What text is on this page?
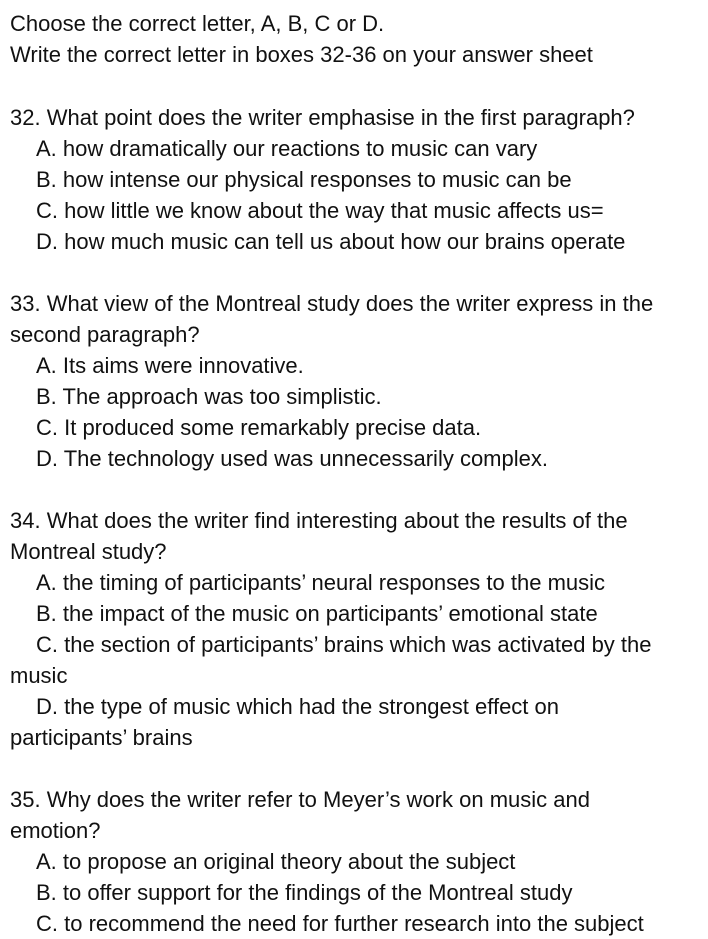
Choose the correct letter, A, B, C or D.
Write the correct letter in boxes 32-36 on your answer sheet
32. What point does the writer emphasise in the first paragraph?
A. how dramatically our reactions to music can vary
B. how intense our physical responses to music can be
C. how little we know about the way that music affects us=
D. how much music can tell us about how our brains operate
33. What view of the Montreal study does the writer express in the
second paragraph?
A. Its aims were innovative.
B. The approach was too simplistic.
C. It produced some remarkably precise data.
D. The technology used was unnecessarily complex.
34. What does the writer find interesting about the results of the
Montreal study?
A. the timing of participants’ neural responses to the music
B. the impact of the music on participants’ emotional state
C. the section of participants’ brains which was activated by the
music
D. the type of music which had the strongest effect on
participants’ brains
35. Why does the writer refer to Meyer’s work on music and
emotion?
A. to propose an original theory about the subject
B. to offer support for the findings of the Montreal study
C. to recommend the need for further research into the subject
